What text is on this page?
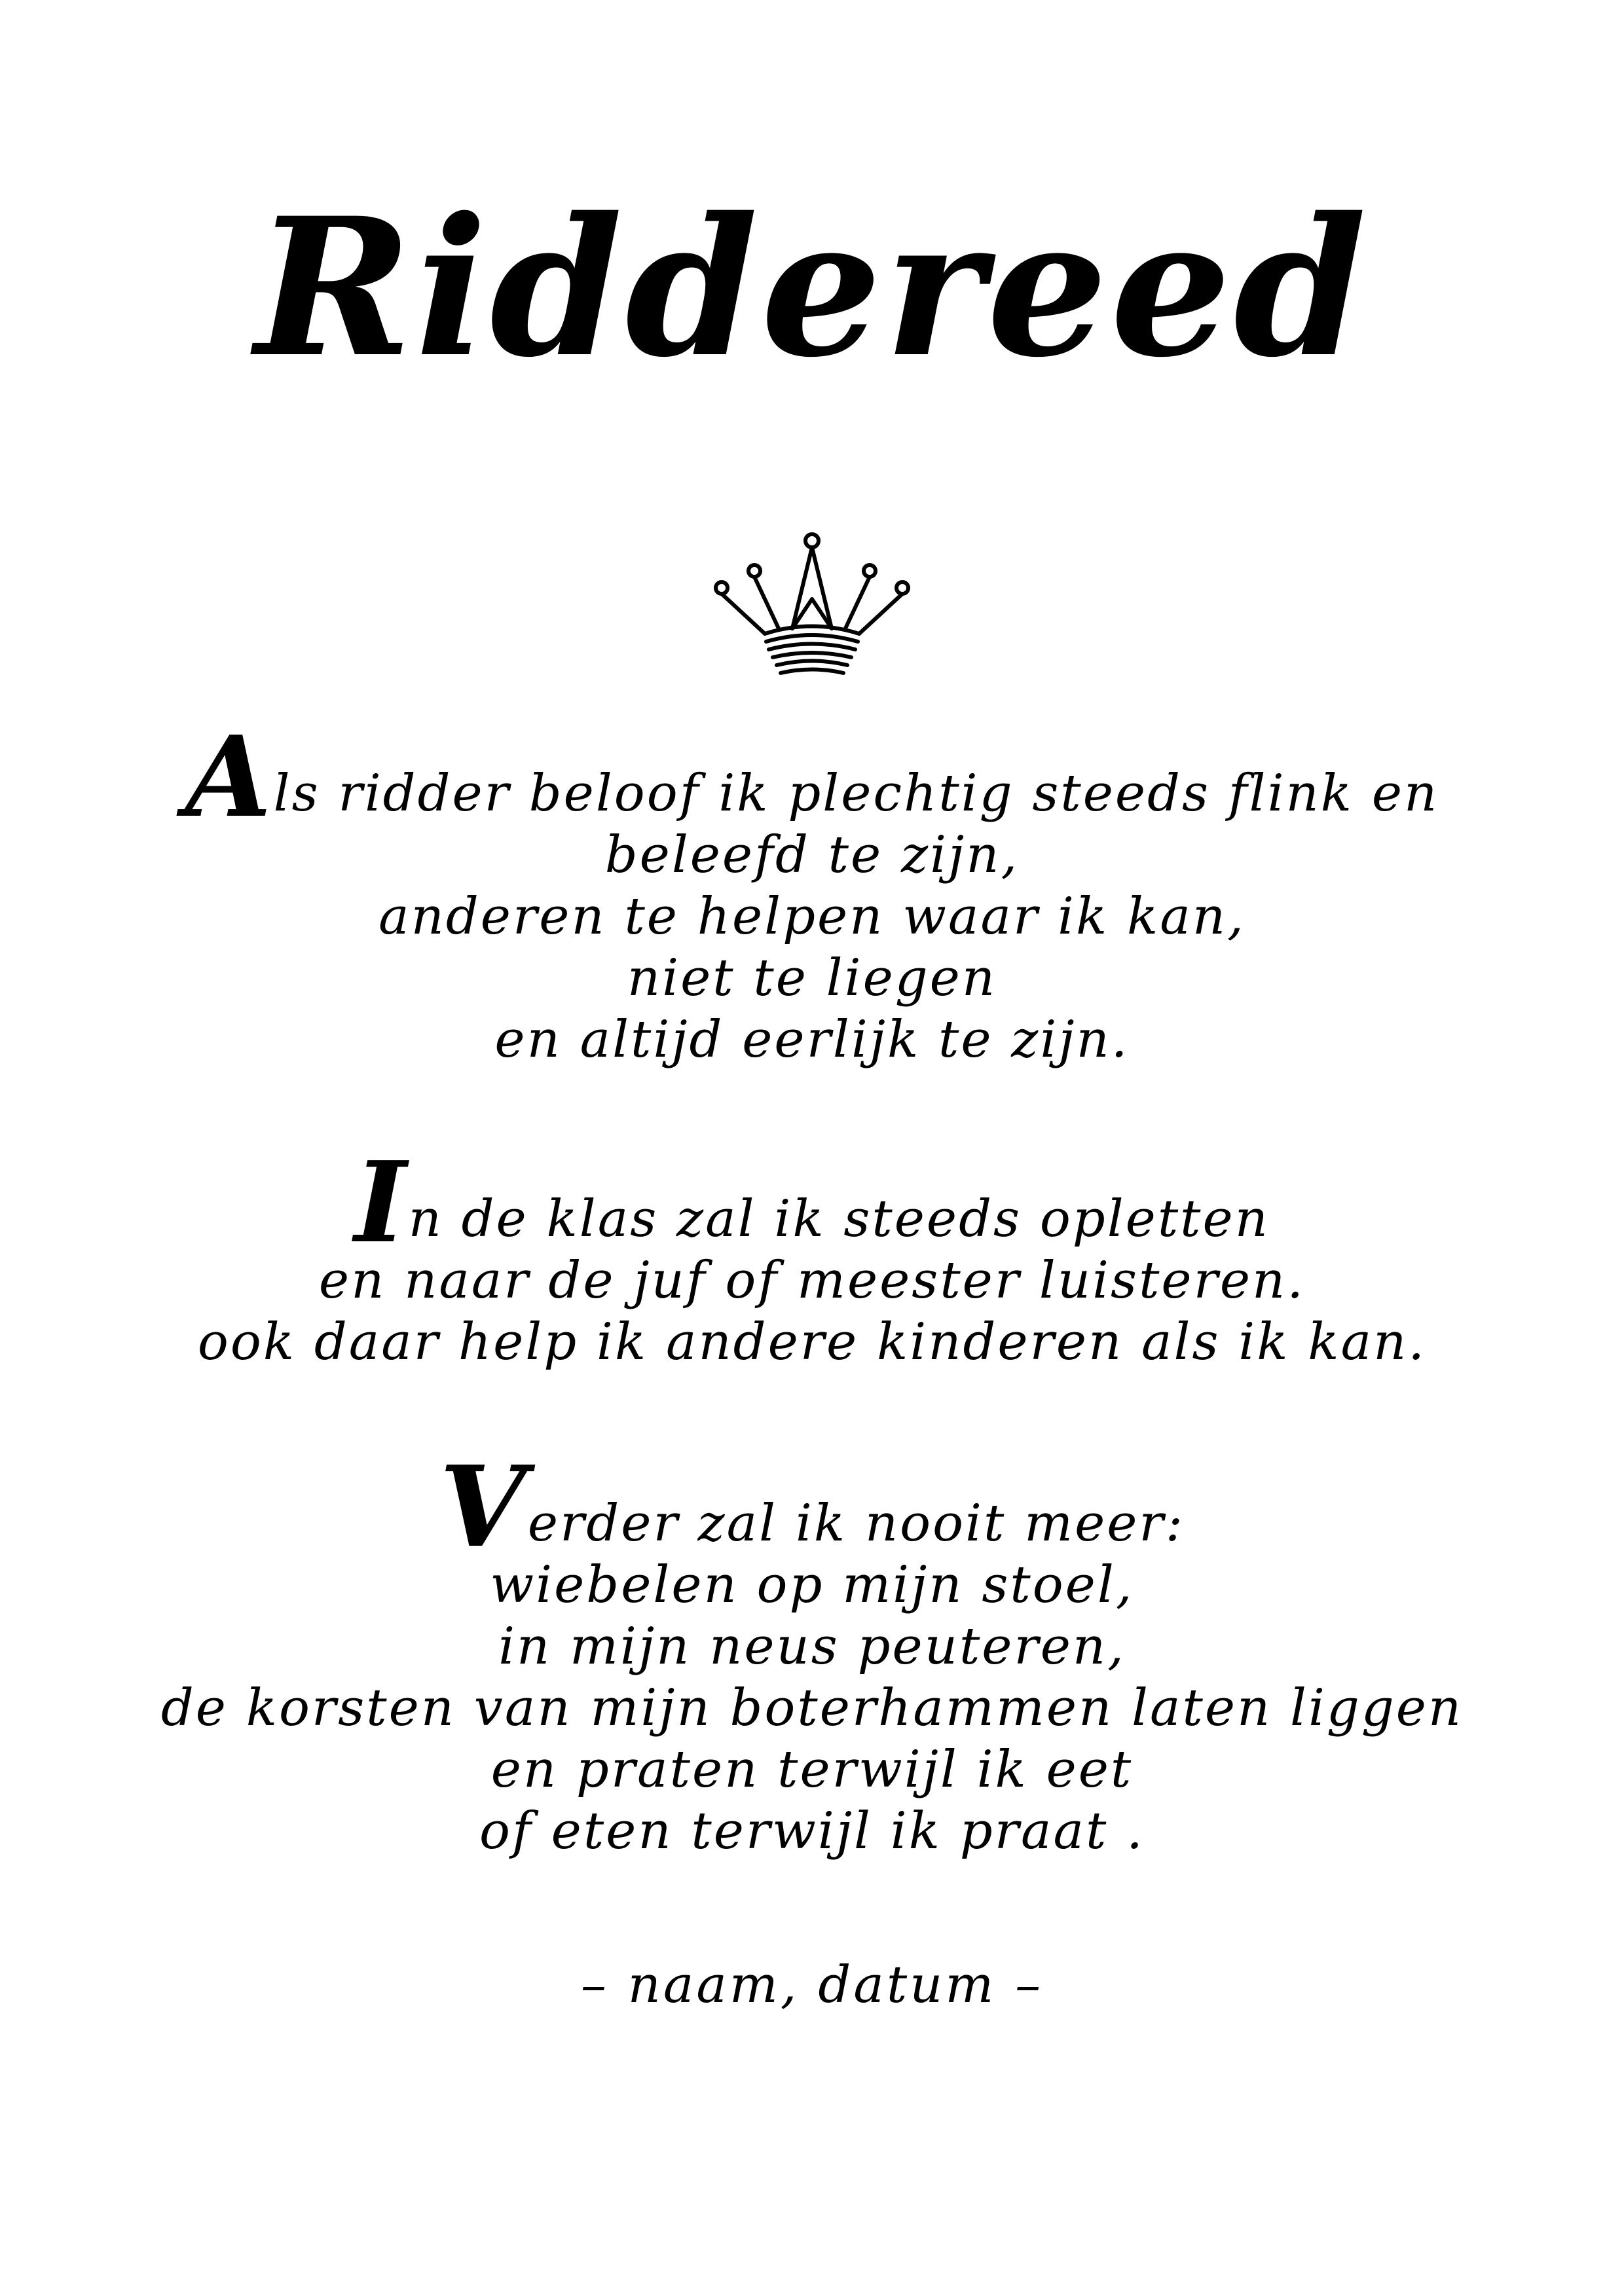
Riddereed
Als ridder beloof ik plechtig steeds flink en
beleefd te zijn,
anderen te helpen waar ik kan,
niet te liegen
en altijd eerlijk te zijn.
In de klas zal ik steeds opletten
en naar de juf of meester luisteren.
ook daar help ik andere kinderen als ik kan.
Verder zal ik nooit meer:
wiebelen op mijn stoel,
in mijn neus peuteren,
de korsten van mijn boterhammen laten liggen
en praten terwijl ik eet
of eten terwijl ik praat .
– naam, datum –
